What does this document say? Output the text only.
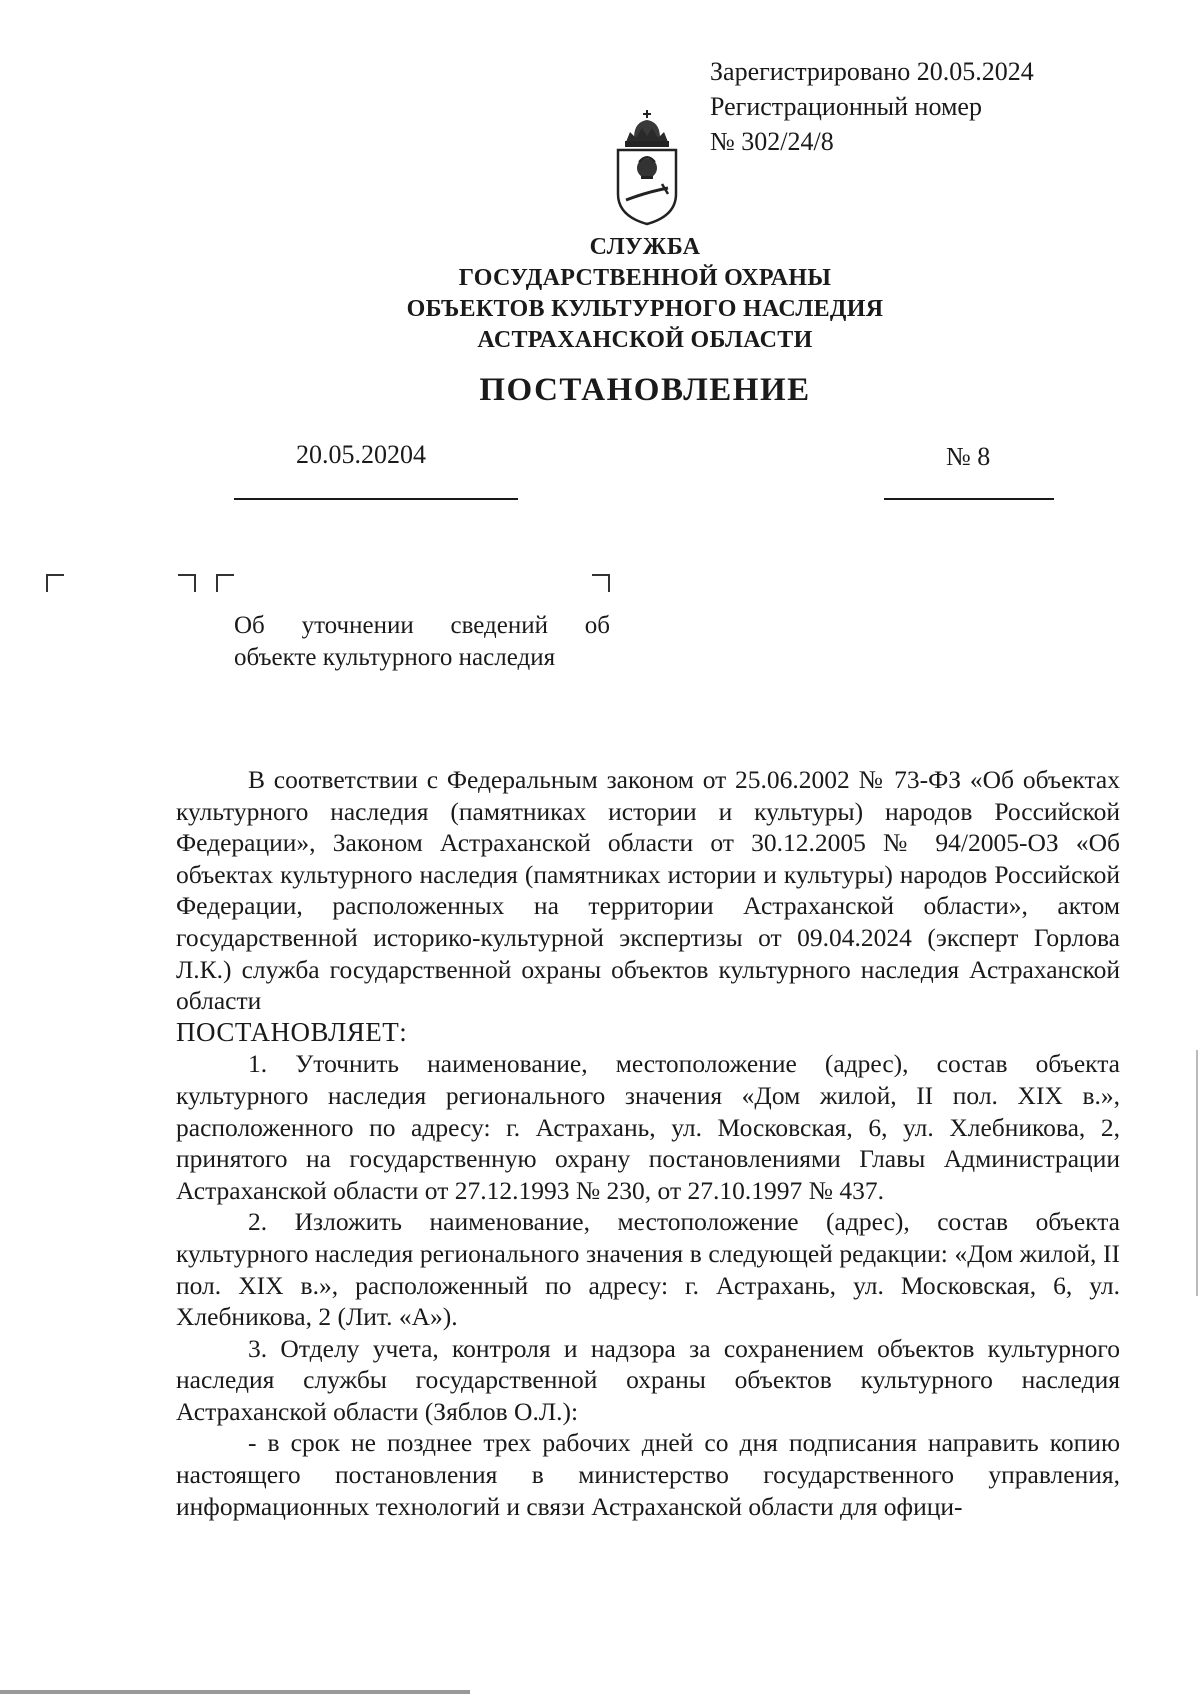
Зарегистрировано 20.05.2024
Регистрационный номер
№ 302/24/8
СЛУЖБА
ГОСУДАРСТВЕННОЙ ОХРАНЫ
ОБЪЕКТОВ КУЛЬТУРНОГО НАСЛЕДИЯ
АСТРАХАНСКОЙ ОБЛАСТИ
ПОСТАНОВЛЕНИЕ
20.05.20204	№ 8
Об уточнении сведений об
объекте культурного наследия

В соответствии с Федеральным законом от 25.06.2002 № 73-ФЗ «Об объектах культурного наследия (памятниках истории и культуры) народов Российской Федерации», Законом Астраханской области от 30.12.2005 № 94/2005-ОЗ «Об объектах культурного наследия (памятниках истории и культуры) народов Российской Федерации, расположенных на территории Астраханской области», актом государственной историко-культурной экспертизы от 09.04.2024 (эксперт Горлова Л.К.) служба государственной охраны объектов культурного наследия Астраханской области

ПОСТАНОВЛЯЕТ:

1. Уточнить наименование, местоположение (адрес), состав объекта культурного наследия регионального значения «Дом жилой, II пол. XIX в.», расположенного по адресу: г. Астрахань, ул. Московская, 6, ул. Хлебникова, 2, принятого на государственную охрану постановлениями Главы Администрации Астраханской области от 27.12.1993 № 230, от 27.10.1997 № 437.

2. Изложить наименование, местоположение (адрес), состав объекта культурного наследия регионального значения в следующей редакции: «Дом жилой, II пол. XIX в.», расположенный по адресу: г. Астрахань, ул. Московская, 6, ул. Хлебникова, 2 (Лит. «А»).

3. Отделу учета, контроля и надзора за сохранением объектов культурного наследия службы государственной охраны объектов культурного наследия Астраханской области (Зяблов О.Л.):

- в срок не позднее трех рабочих дней со дня подписания направить копию настоящего постановления в министерство государственного управления, информационных технологий и связи Астраханской области для офици-
